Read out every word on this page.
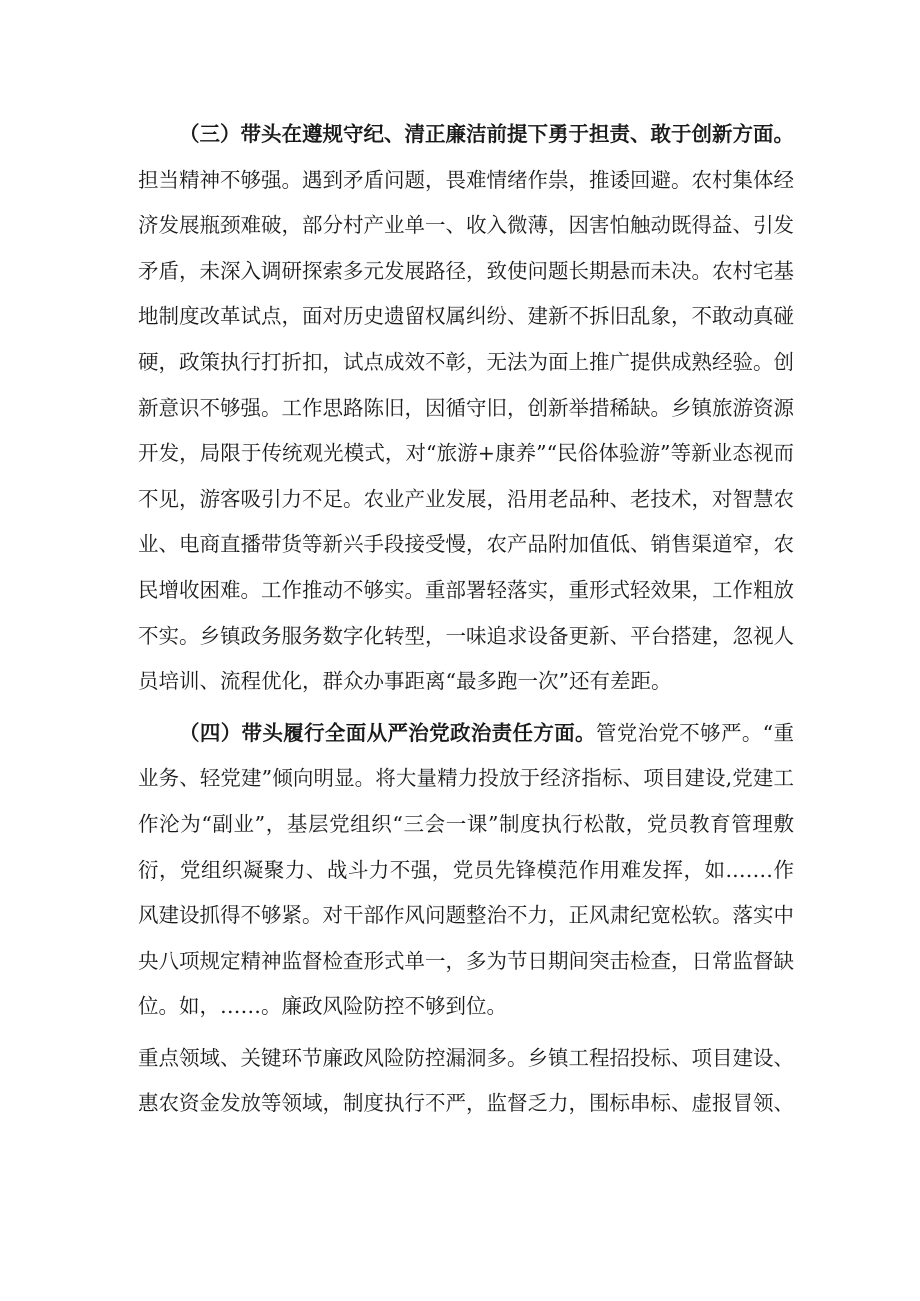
（三）带头在遵规守纪、清正廉洁前提下勇于担责、敢于创新方面。担当精神不够强。遇到矛盾问题，畏难情绪作祟，推诿回避。农村集体经济发展瓶颈难破，部分村产业单一、收入微薄，因害怕触动既得益、引发矛盾，未深入调研探索多元发展路径，致使问题长期悬而未决。农村宅基地制度改革试点，面对历史遗留权属纠纷、建新不拆旧乱象，不敢动真碰硬，政策执行打折扣，试点成效不彰，无法为面上推广提供成熟经验。创新意识不够强。工作思路陈旧，因循守旧，创新举措稀缺。乡镇旅游资源开发，局限于传统观光模式，对“旅游+康养”“民俗体验游”等新业态视而不见，游客吸引力不足。农业产业发展，沿用老品种、老技术，对智慧农业、电商直播带货等新兴手段接受慢，农产品附加值低、销售渠道窄，农民增收困难。工作推动不够实。重部署轻落实，重形式轻效果，工作粗放不实。乡镇政务服务数字化转型，一味追求设备更新、平台搭建，忽视人员培训、流程优化，群众办事距离“最多跑一次”还有差距。

（四）带头履行全面从严治党政治责任方面。管党治党不够严。“重业务、轻党建”倾向明显。将大量精力投放于经济指标、项目建设,党建工作沦为“副业”，基层党组织“三会一课”制度执行松散，党员教育管理敷衍，党组织凝聚力、战斗力不强，党员先锋模范作用难发挥，如.……作风建设抓得不够紧。对干部作风问题整治不力，正风肃纪宽松软。落实中央八项规定精神监督检查形式单一，多为节日期间突击检查，日常监督缺位。如，……。廉政风险防控不够到位。

重点领域、关键环节廉政风险防控漏洞多。乡镇工程招投标、项目建设、惠农资金发放等领域，制度执行不严，监督乏力，围标串标、虚报冒领、
